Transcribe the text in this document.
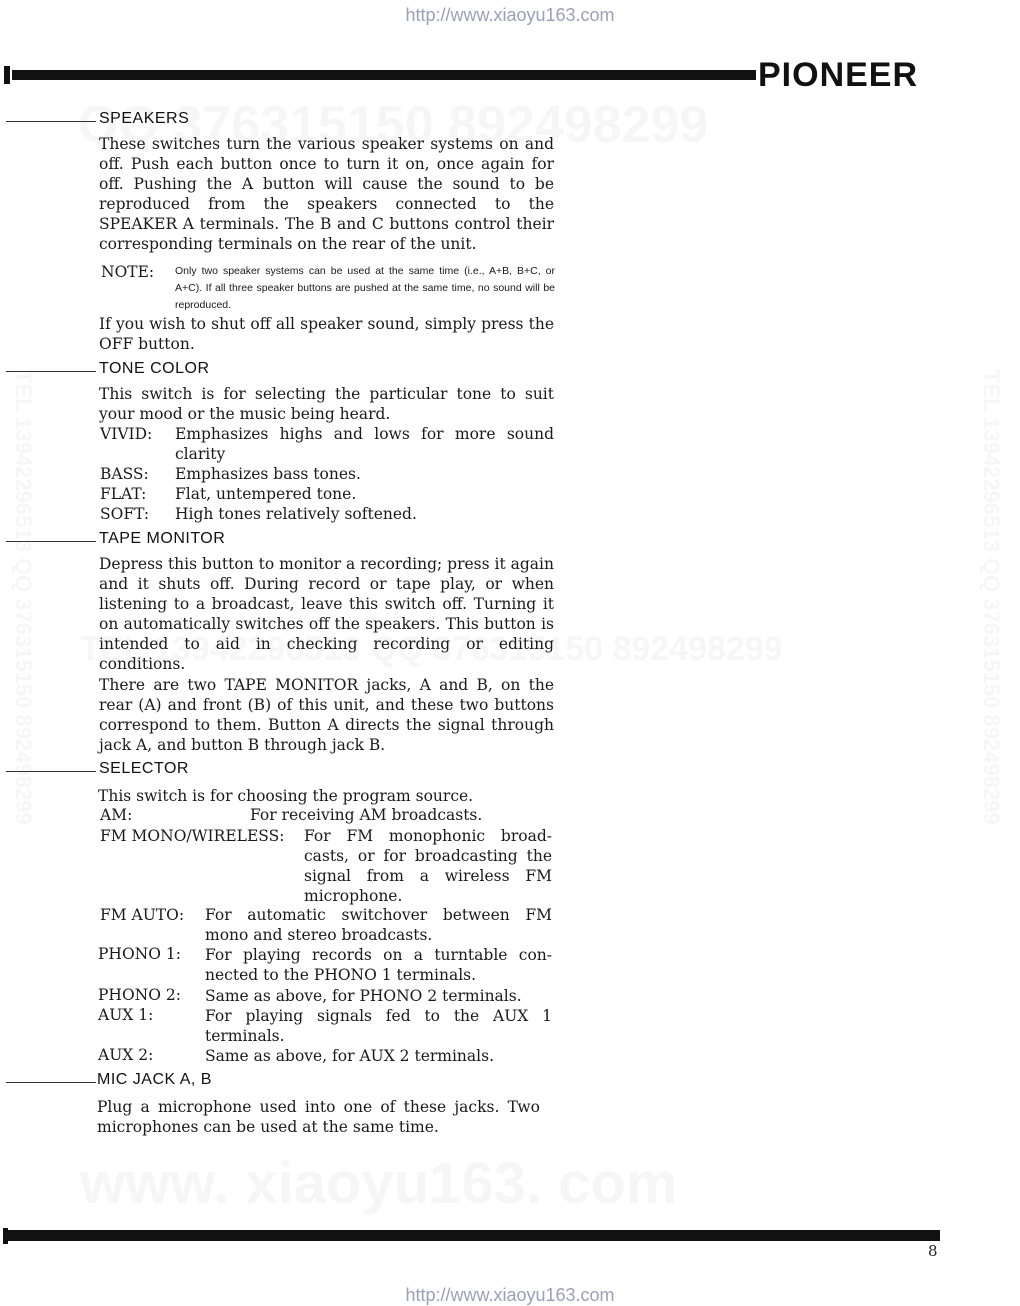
http://www.xiaoyu163.com
PIONEER
SPEAKERS
These switches turn the various speaker systems on and off. Push each button once to turn it on, once again for off. Pushing the A button will cause the sound to be reproduced from the speakers connected to the SPEAKER A terminals. The B and C buttons control their corresponding terminals on the rear of the unit.
NOTE: Only two speaker systems can be used at the same time (i.e., A+B, B+C, or A+C). If all three speaker buttons are pushed at the same time, no sound will be reproduced.
If you wish to shut off all speaker sound, simply press the OFF button.
TONE COLOR
This switch is for selecting the particular tone to suit your mood or the music being heard.
VIVID: Emphasizes highs and lows for more sound clarity
BASS: Emphasizes bass tones.
FLAT: Flat, untempered tone.
SOFT: High tones relatively softened.
TAPE MONITOR
Depress this button to monitor a recording; press it again and it shuts off. During record or tape play, or when listening to a broadcast, leave this switch off. Turning it on automatically switches off the speakers. This button is intended to aid in checking recording or editing conditions.
There are two TAPE MONITOR jacks, A and B, on the rear (A) and front (B) of this unit, and these two buttons correspond to them. Button A directs the signal through jack A, and button B through jack B.
SELECTOR
This switch is for choosing the program source.
AM:	For receiving AM broadcasts.
FM MONO/WIRELESS: For FM monophonic broad-casts, or for broadcasting the signal from a wireless FM microphone.
FM AUTO: For automatic switchover between FM mono and stereo broadcasts.
PHONO 1: For playing records on a turntable con-nected to the PHONO 1 terminals.
PHONO 2: Same as above, for PHONO 2 terminals.
AUX 1:	For playing signals fed to the AUX 1 terminals.
AUX 2:	Same as above, for AUX 2 terminals.
MIC JACK A, B
Plug a microphone used into one of these jacks. Two microphones can be used at the same time.
8
http://www.xiaoyu163.com
